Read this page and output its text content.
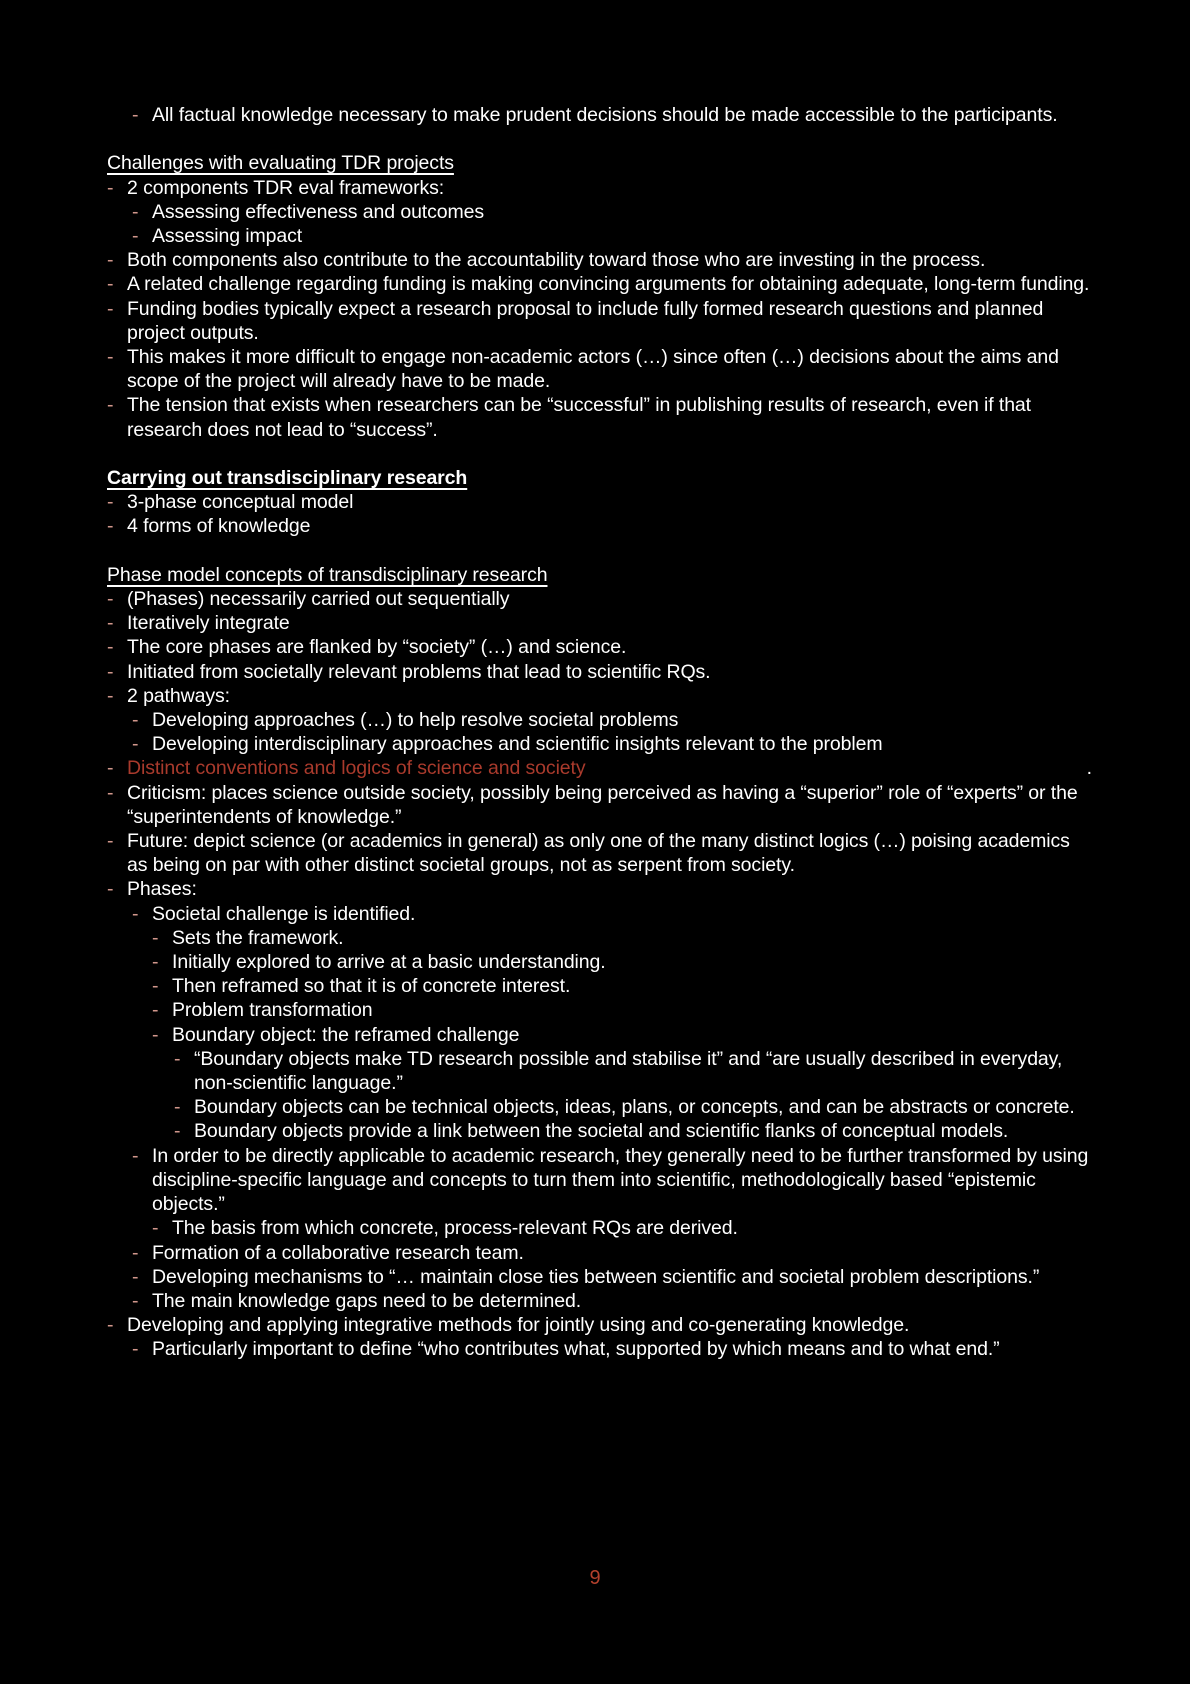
- All factual knowledge necessary to make prudent decisions should be made accessible to the participants.
Challenges with evaluating TDR projects
- 2 components TDR eval frameworks:
- Assessing effectiveness and outcomes
- Assessing impact
- Both components also contribute to the accountability toward those who are investing in the process.
- A related challenge regarding funding is making convincing arguments for obtaining adequate, long-term funding.
- Funding bodies typically expect a research proposal to include fully formed research questions and planned project outputs.
- This makes it more difficult to engage non-academic actors (…) since often (…) decisions about the aims and scope of the project will already have to be made.
- The tension that exists when researchers can be “successful” in publishing results of research, even if that research does not lead to “success”.
Carrying out transdisciplinary research
- 3-phase conceptual model
- 4 forms of knowledge
Phase model concepts of transdisciplinary research
- (Phases) necessarily carried out sequentially
- Iteratively integrate
- The core phases are flanked by “society” (…) and science.
- Initiated from societally relevant problems that lead to scientific RQs.
- 2 pathways:
- Developing approaches (…) to help resolve societal problems
- Developing interdisciplinary approaches and scientific insights relevant to the problem
- Distinct conventions and logics of science and society	.
- Criticism: places science outside society, possibly being perceived as having a “superior” role of “experts” or the “superintendents of knowledge.”
- Future: depict science (or academics in general) as only one of the many distinct logics (…) poising academics as being on par with other distinct societal groups, not as serpent from society.
- Phases:
- Societal challenge is identified.
- Sets the framework.
- Initially explored to arrive at a basic understanding.
- Then reframed so that it is of concrete interest.
- Problem transformation
- Boundary object: the reframed challenge
- “Boundary objects make TD research possible and stabilise it” and “are usually described in everyday, non-scientific language.”
- Boundary objects can be technical objects, ideas, plans, or concepts, and can be abstracts or concrete.
- Boundary objects provide a link between the societal and scientific flanks of conceptual models.
- In order to be directly applicable to academic research, they generally need to be further transformed by using discipline-specific language and concepts to turn them into scientific, methodologically based “epistemic objects.”
- The basis from which concrete, process-relevant RQs are derived.
- Formation of a collaborative research team.
- Developing mechanisms to “… maintain close ties between scientific and societal problem descriptions.”
- The main knowledge gaps need to be determined.
- Developing and applying integrative methods for jointly using and co-generating knowledge.
- Particularly important to define “who contributes what, supported by which means and to what end.”
9
